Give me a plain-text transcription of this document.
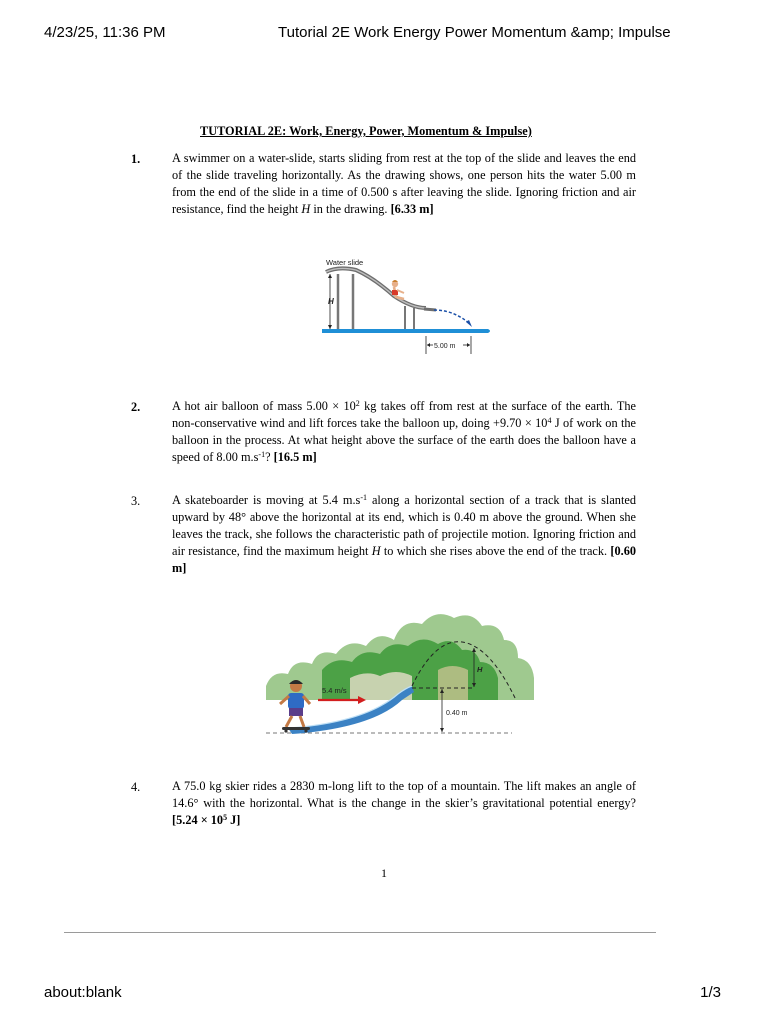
4/23/25, 11:36 PM	Tutorial 2E Work Energy Power Momentum &amp; Impulse
TUTORIAL 2E: Work, Energy, Power, Momentum & Impulse)
1.	A swimmer on a water-slide, starts sliding from rest at the top of the slide and leaves the end of the slide traveling horizontally. As the drawing shows, one person hits the water 5.00 m from the end of the slide in a time of 0.500 s after leaving the slide. Ignoring friction and air resistance, find the height H in the drawing. [6.33 m]
Water slide
H
5.00 m
2.	A hot air balloon of mass $5.00 \times 10^2$ kg takes off from rest at the surface of the earth. The non-conservative wind and lift forces take the balloon up, doing $+9.70 \times 10^4$ J of work on the balloon in the process. At what height above the surface of the earth does the balloon have a speed of 8.00 $m.s^{-1}$? [16.5 m]
3.	A skateboarder is moving at 5.4 $m.s^{-1}$ along a horizontal section of a track that is slanted upward by 48° above the horizontal at its end, which is 0.40 m above the ground. When she leaves the track, she follows the characteristic path of projectile motion. Ignoring friction and air resistance, find the maximum height H to which she rises above the end of the track. [0.60 m]
H
0.40 m
5.4 m/s
4.	A 75.0 kg skier rides a 2830 m-long lift to the top of a mountain. The lift makes an angle of 14.6° with the horizontal. What is the change in the skier’s gravitational potential energy? [$5.24 \times 10^5$ J]
1
about:blank	1/3
